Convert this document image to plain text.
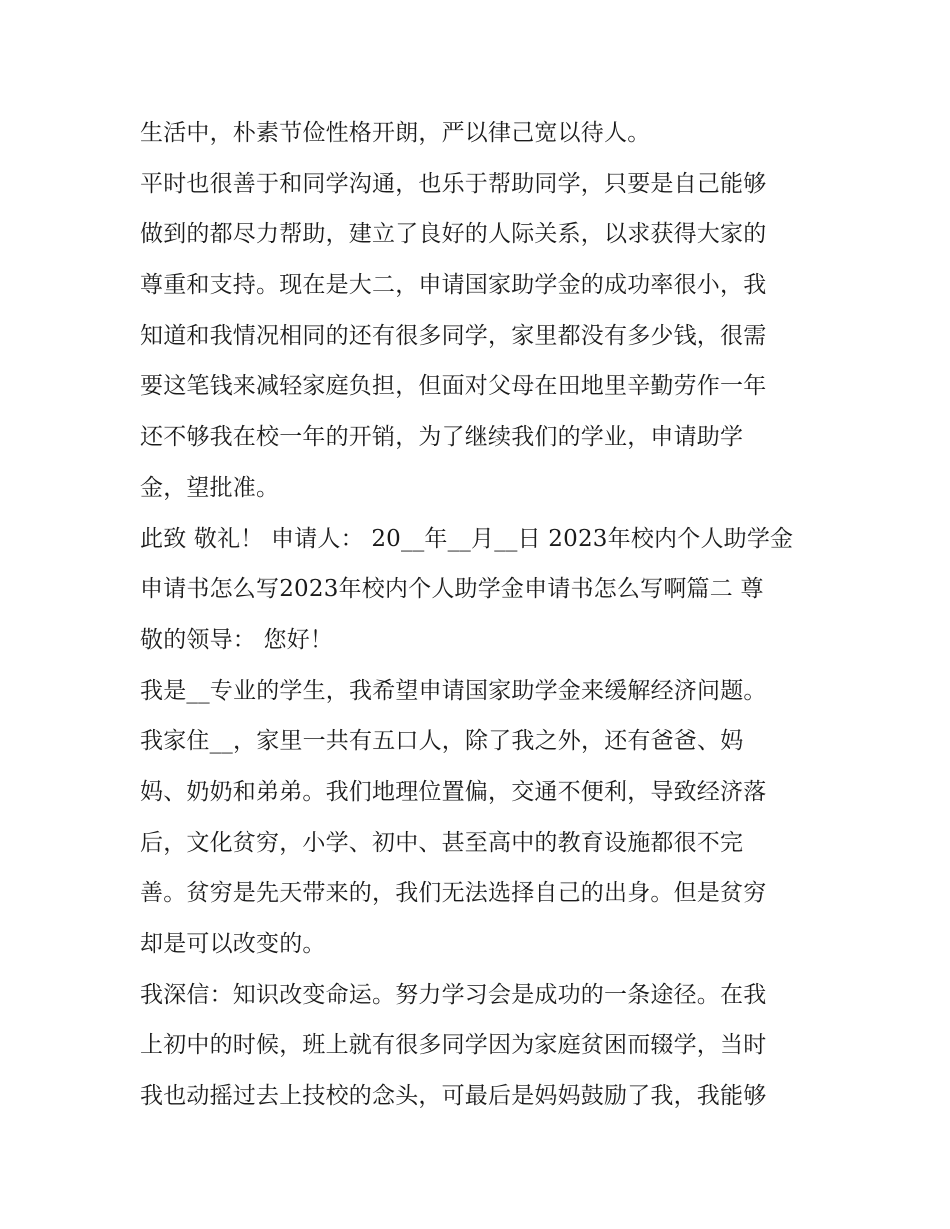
生活中，朴素节俭性格开朗，严以律己宽以待人。
平时也很善于和同学沟通，也乐于帮助同学，只要是自己能够
做到的都尽力帮助，建立了良好的人际关系，以求获得大家的
尊重和支持。现在是大二，申请国家助学金的成功率很小，我
知道和我情况相同的还有很多同学，家里都没有多少钱，很需
要这笔钱来减轻家庭负担，但面对父母在田地里辛勤劳作一年
还不够我在校一年的开销，为了继续我们的学业，申请助学
金，望批准。
此致 敬礼！ 申请人： 20__年__月__日 2023年校内个人助学金
申请书怎么写2023年校内个人助学金申请书怎么写啊篇二 尊
敬的领导： 您好！
我是__专业的学生，我希望申请国家助学金来缓解经济问题。
我家住__，家里一共有五口人，除了我之外，还有爸爸、妈
妈、奶奶和弟弟。我们地理位置偏，交通不便利，导致经济落
后，文化贫穷，小学、初中、甚至高中的教育设施都很不完
善。贫穷是先天带来的，我们无法选择自己的出身。但是贫穷
却是可以改变的。
我深信：知识改变命运。努力学习会是成功的一条途径。在我
上初中的时候，班上就有很多同学因为家庭贫困而辍学，当时
我也动摇过去上技校的念头，可最后是妈妈鼓励了我，我能够
